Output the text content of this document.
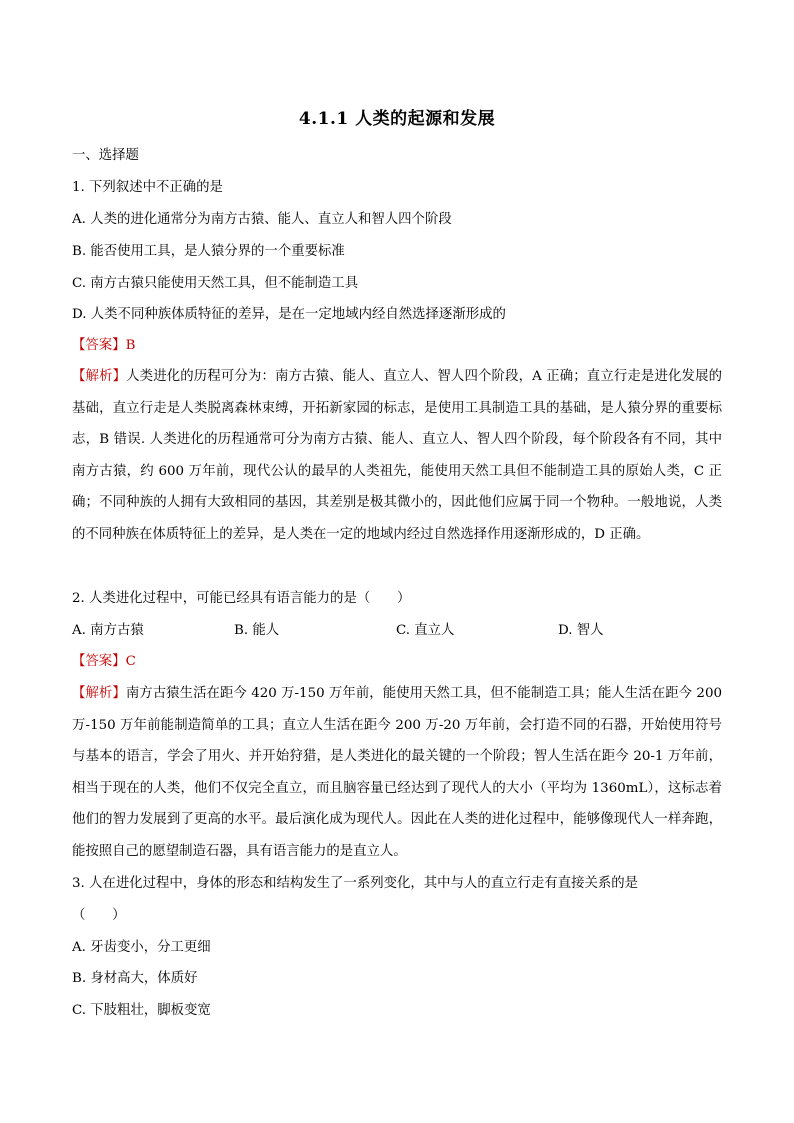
4.1.1 人类的起源和发展
一、选择题
1. 下列叙述中不正确的是
A. 人类的进化通常分为南方古猿、能人、直立人和智人四个阶段
B. 能否使用工具，是人猿分界的一个重要标准
C. 南方古猿只能使用天然工具，但不能制造工具
D. 人类不同种族体质特征的差异，是在一定地域内经自然选择逐渐形成的
【答案】B
【解析】人类进化的历程可分为：南方古猿、能人、直立人、智人四个阶段，A 正确；直立行走是进化发展的基础，直立行走是人类脱离森林束缚，开拓新家园的标志，是使用工具制造工具的基础，是人猿分界的重要标志，B 错误. 人类进化的历程通常可分为南方古猿、能人、直立人、智人四个阶段，每个阶段各有不同，其中南方古猿，约 600 万年前，现代公认的最早的人类祖先，能使用天然工具但不能制造工具的原始人类，C 正确；不同种族的人拥有大致相同的基因，其差别是极其微小的，因此他们应属于同一个物种。一般地说，人类的不同种族在体质特征上的差异，是人类在一定的地域内经过自然选择作用逐渐形成的，D 正确。
2. 人类进化过程中，可能已经具有语言能力的是（　　）
A. 南方古猿	B. 能人	C. 直立人	D. 智人
【答案】C
【解析】南方古猿生活在距今 420 万-150 万年前，能使用天然工具，但不能制造工具；能人生活在距今 200 万-150 万年前能制造简单的工具；直立人生活在距今 200 万-20 万年前，会打造不同的石器，开始使用符号与基本的语言，学会了用火、并开始狩猎，是人类进化的最关键的一个阶段；智人生活在距今 20-1 万年前，相当于现在的人类，他们不仅完全直立，而且脑容量已经达到了现代人的大小（平均为 1360mL），这标志着他们的智力发展到了更高的水平。最后演化成为现代人。因此在人类的进化过程中，能够像现代人一样奔跑，能按照自己的愿望制造石器，具有语言能力的是直立人。
3. 人在进化过程中，身体的形态和结构发生了一系列变化，其中与人的直立行走有直接关系的是
（　　）
A. 牙齿变小，分工更细
B. 身材高大，体质好
C. 下肢粗壮，脚板变宽
